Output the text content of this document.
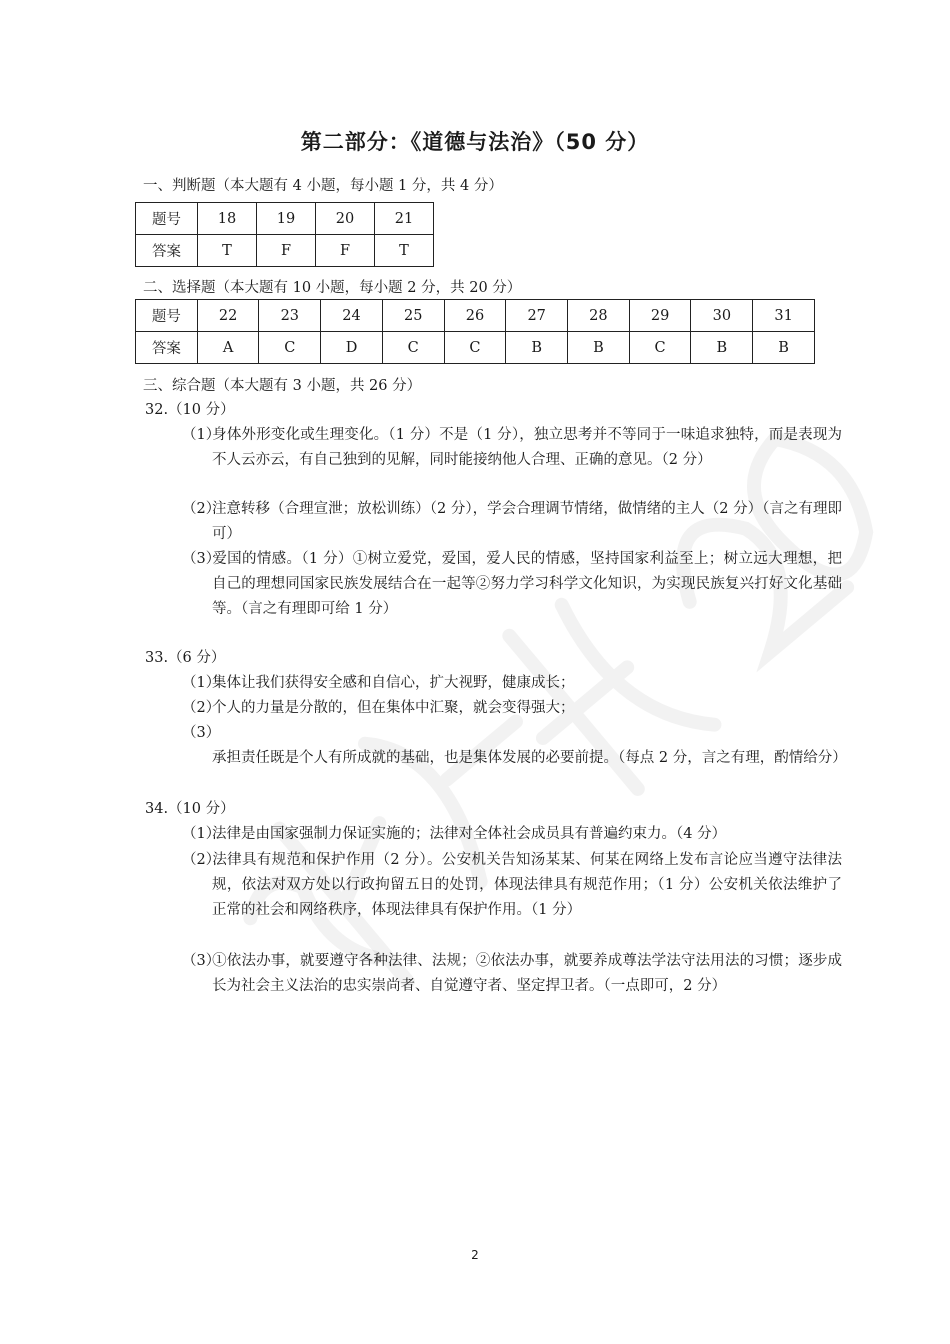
第二部分：《道德与法治》（50 分）
一、判断题（本大题有 4 小题，每小题 1 分，共 4 分）
题号	18	19	20	21
答案	T	F	F	T
二、选择题（本大题有 10 小题，每小题 2 分，共 20 分）
题号	22	23	24	25	26	27	28	29	30	31
答案	A	C	D	C	C	B	B	C	B	B
三、综合题（本大题有 3 小题，共 26 分）
32.（10 分）
（1）身体外形变化或生理变化。（1 分）不是（1 分），独立思考并不等同于一味追求独特，而是表现为不人云亦云，有自己独到的见解，同时能接纳他人合理、正确的意见。（2 分）
（2）注意转移（合理宣泄；放松训练）（2 分），学会合理调节情绪，做情绪的主人（2 分）（言之有理即可）
（3）爱国的情感。（1 分）①树立爱党，爱国，爱人民的情感，坚持国家利益至上；树立远大理想，把自己的理想同国家民族发展结合在一起等②努力学习科学文化知识，为实现民族复兴打好文化基础等。（言之有理即可给 1 分）
33.（6 分）
（1）集体让我们获得安全感和自信心，扩大视野，健康成长；
（2）个人的力量是分散的，但在集体中汇聚，就会变得强大；
（3）承担责任既是个人有所成就的基础，也是集体发展的必要前提。（每点 2 分，言之有理，酌情给分）
34.（10 分）
（1）法律是由国家强制力保证实施的；法律对全体社会成员具有普遍约束力。（4 分）
（2）法律具有规范和保护作用（2 分）。公安机关告知汤某某、何某在网络上发布言论应当遵守法律法规，依法对双方处以行政拘留五日的处罚，体现法律具有规范作用；（1 分）公安机关依法维护了正常的社会和网络秩序，体现法律具有保护作用。（1 分）
（3）①依法办事，就要遵守各种法律、法规；②依法办事，就要养成尊法学法守法用法的习惯；逐步成长为社会主义法治的忠实崇尚者、自觉遵守者、坚定捍卫者。（一点即可，2 分）
2
